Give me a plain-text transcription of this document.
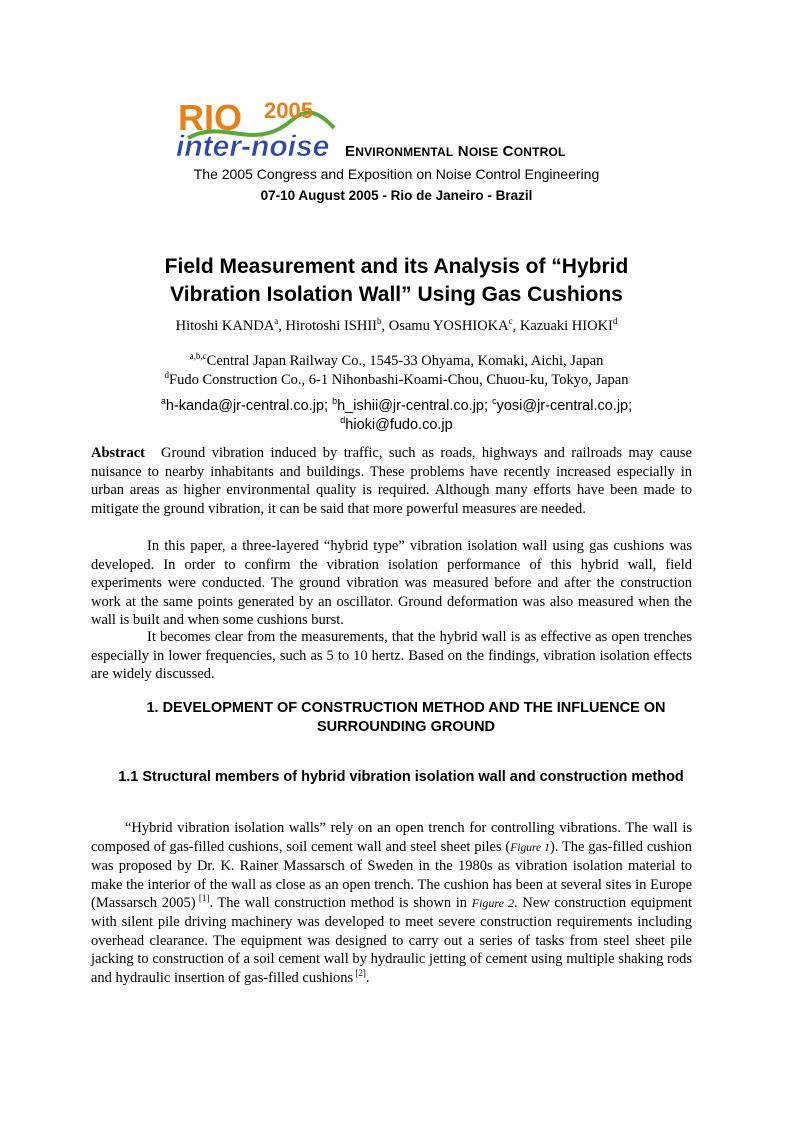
RIO 2005
inter-noise ENVIRONMENTAL NOISE CONTROL
The 2005 Congress and Exposition on Noise Control Engineering
07-10 August 2005 - Rio de Janeiro - Brazil
Field Measurement and its Analysis of “Hybrid
Vibration Isolation Wall” Using Gas Cushions
Hitoshi KANDA$^a$, Hirotoshi ISHII$^b$, Osamu YOSHIOKA$^c$, Kazuaki HIOKI$^d$
$^{a,b,c}$Central Japan Railway Co., 1545-33 Ohyama, Komaki, Aichi, Japan
$^d$Fudo Construction Co., 6-1 Nihonbashi-Koami-Chou, Chuou-ku, Tokyo, Japan
$^a$h-kanda@jr-central.co.jp; $^b$h_ishii@jr-central.co.jp; $^c$yosi@jr-central.co.jp;
$^d$hioki@fudo.co.jp
Abstract Ground vibration induced by traffic, such as roads, highways and railroads may cause nuisance to nearby inhabitants and buildings. These problems have recently increased especially in urban areas as higher environmental quality is required. Although many efforts have been made to mitigate the ground vibration, it can be said that more powerful measures are needed.
In this paper, a three-layered “hybrid type” vibration isolation wall using gas cushions was developed. In order to confirm the vibration isolation performance of this hybrid wall, field experiments were conducted. The ground vibration was measured before and after the construction work at the same points generated by an oscillator. Ground deformation was also measured when the wall is built and when some cushions burst.
It becomes clear from the measurements, that the hybrid wall is as effective as open trenches especially in lower frequencies, such as 5 to 10 hertz. Based on the findings, vibration isolation effects are widely discussed.
1. DEVELOPMENT OF CONSTRUCTION METHOD AND THE INFLUENCE ON SURROUNDING GROUND
1.1 Structural members of hybrid vibration isolation wall and construction method
“Hybrid vibration isolation walls” rely on an open trench for controlling vibrations. The wall is composed of gas-filled cushions, soil cement wall and steel sheet piles (Figure 1). The gas-filled cushion was proposed by Dr. K. Rainer Massarsch of Sweden in the 1980s as vibration isolation material to make the interior of the wall as close as an open trench. The cushion has been at several sites in Europe (Massarsch 2005) [1]. The wall construction method is shown in Figure 2. New construction equipment with silent pile driving machinery was developed to meet severe construction requirements including overhead clearance. The equipment was designed to carry out a series of tasks from steel sheet pile jacking to construction of a soil cement wall by hydraulic jetting of cement using multiple shaking rods and hydraulic insertion of gas-filled cushions [2].
